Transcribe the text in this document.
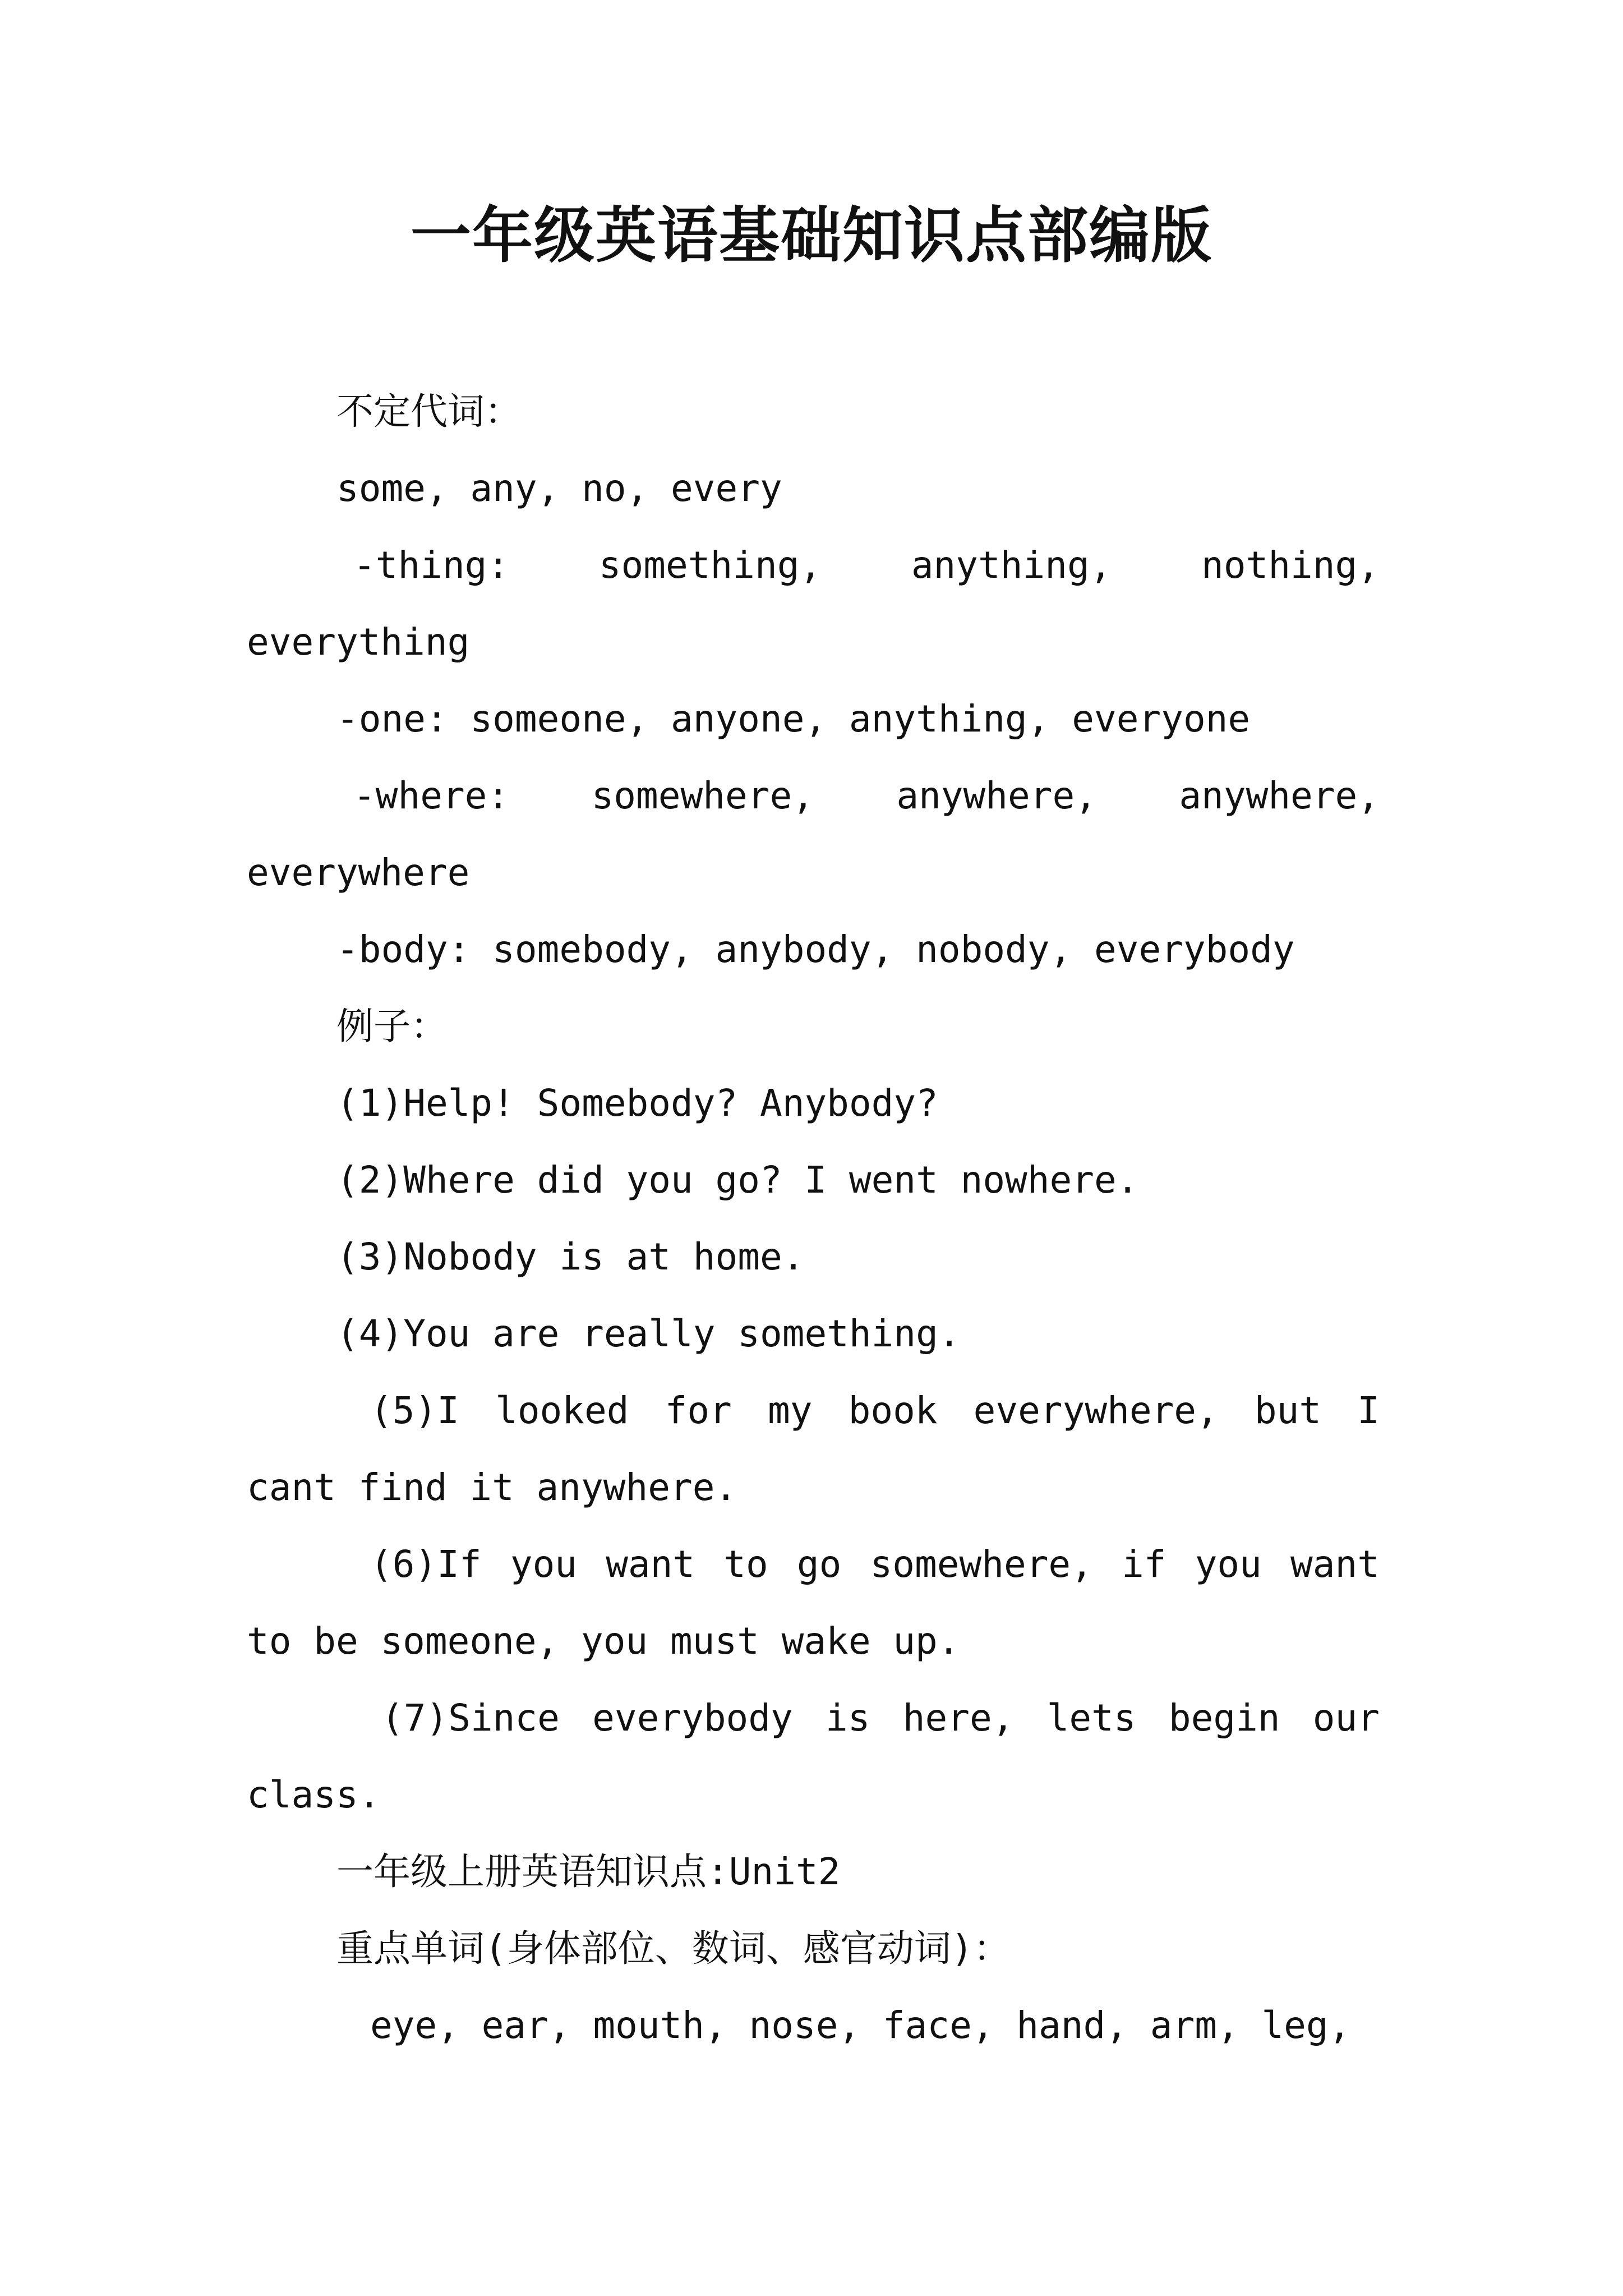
一年级英语基础知识点部编版

不定代词：

some, any, no, every

-thing: something, anything, nothing, everything

-one: someone, anyone, anything, everyone

-where: somewhere, anywhere, anywhere, everywhere

-body: somebody, anybody, nobody, everybody

例子：

(1)Help! Somebody? Anybody?

(2)Where did you go? I went nowhere.

(3)Nobody is at home.

(4)You are really something.

(5)I looked for my book everywhere, but I cant find it anywhere.

(6)If you want to go somewhere, if you want to be someone, you must wake up.

(7)Since everybody is here, lets begin our class.

一年级上册英语知识点:Unit2

重点单词(身体部位、数词、感官动词)：

eye, ear, mouth, nose, face, hand, arm, leg,
